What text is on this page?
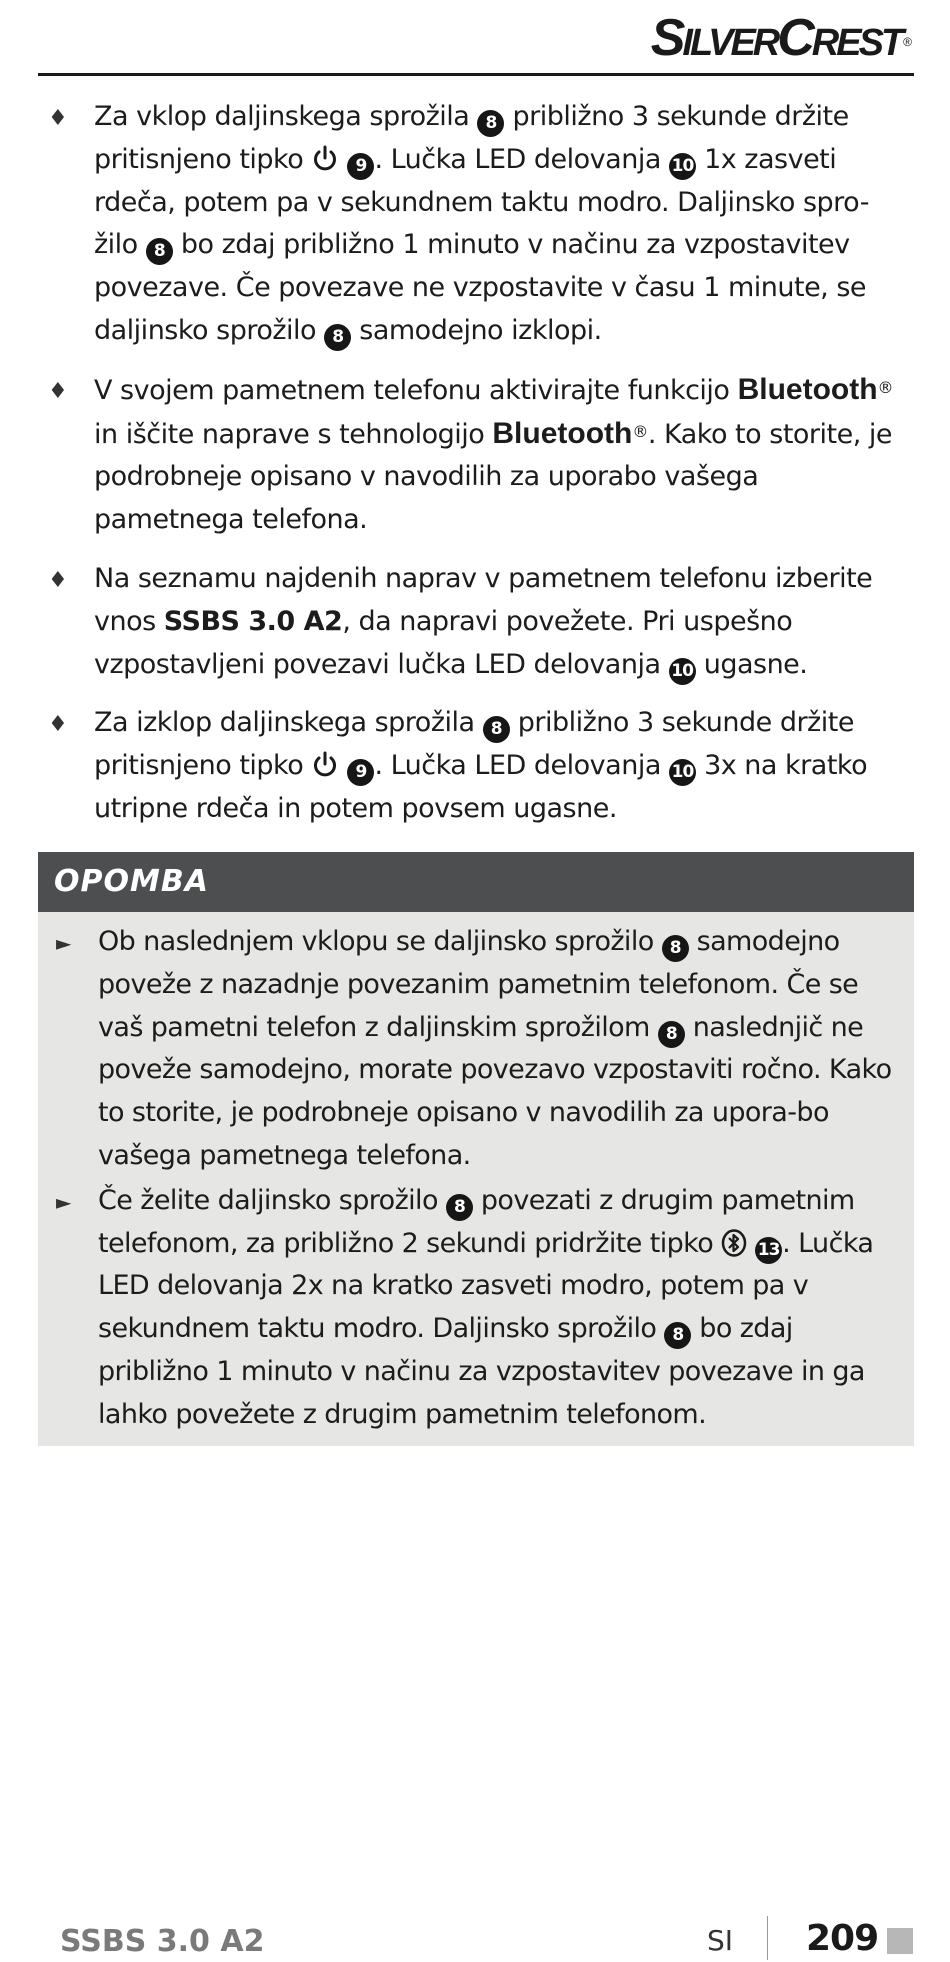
SILVERCREST ®
♦ Za vklop daljinskega sprožila 8 približno 3 sekunde držite pritisnjeno tipko	9 . Lučka LED delovanja 10 1x zasveti rdeča, potem pa v sekundnem taktu modro. Daljinsko spro-žilo 8 bo zdaj približno 1 minuto v načinu za vzpostavitev povezave. Če povezave ne vzpostavite v času 1 minute, se daljinsko sprožilo 8 samodejno izklopi.
♦ V svojem pametnem telefonu aktivirajte funkcijo Bluetooth® in iščite naprave s tehnologijo Bluetooth®. Kako to storite, je podrobneje opisano v navodilih za uporabo vašega pametnega telefona.
♦ Na seznamu najdenih naprav v pametnem telefonu izberite vnos SSBS 3.0 A2, da napravi povežete. Pri uspešno vzpostavljeni povezavi lučka LED delovanja 10 ugasne.
♦ Za izklop daljinskega sprožila 8 približno 3 sekunde držite pritisnjeno tipko	9 . Lučka LED delovanja 10 3x na kratko utripne rdeča in potem povsem ugasne.
OPOMBA
► Ob naslednjem vklopu se daljinsko sprožilo 8 samodejno poveže z nazadnje povezanim pametnim telefonom. Če se vaš pametni telefon z daljinskim sprožilom 8 naslednjič ne poveže samodejno, morate povezavo vzpostaviti ročno. Kako to storite, je podrobneje opisano v navodilih za upora-bo vašega pametnega telefona.
► Če želite daljinsko sprožilo 8 povezati z drugim pametnim telefonom, za približno 2 sekundi pridržite tipko	13. Lučka LED delovanja 2x na kratko zasveti modro, potem pa v sekundnem taktu modro. Daljinsko sprožilo 8 bo zdaj približno 1 minuto v načinu za vzpostavitev povezave in ga lahko povežete z drugim pametnim telefonom.
SSBS 3.0 A2	SI 209
